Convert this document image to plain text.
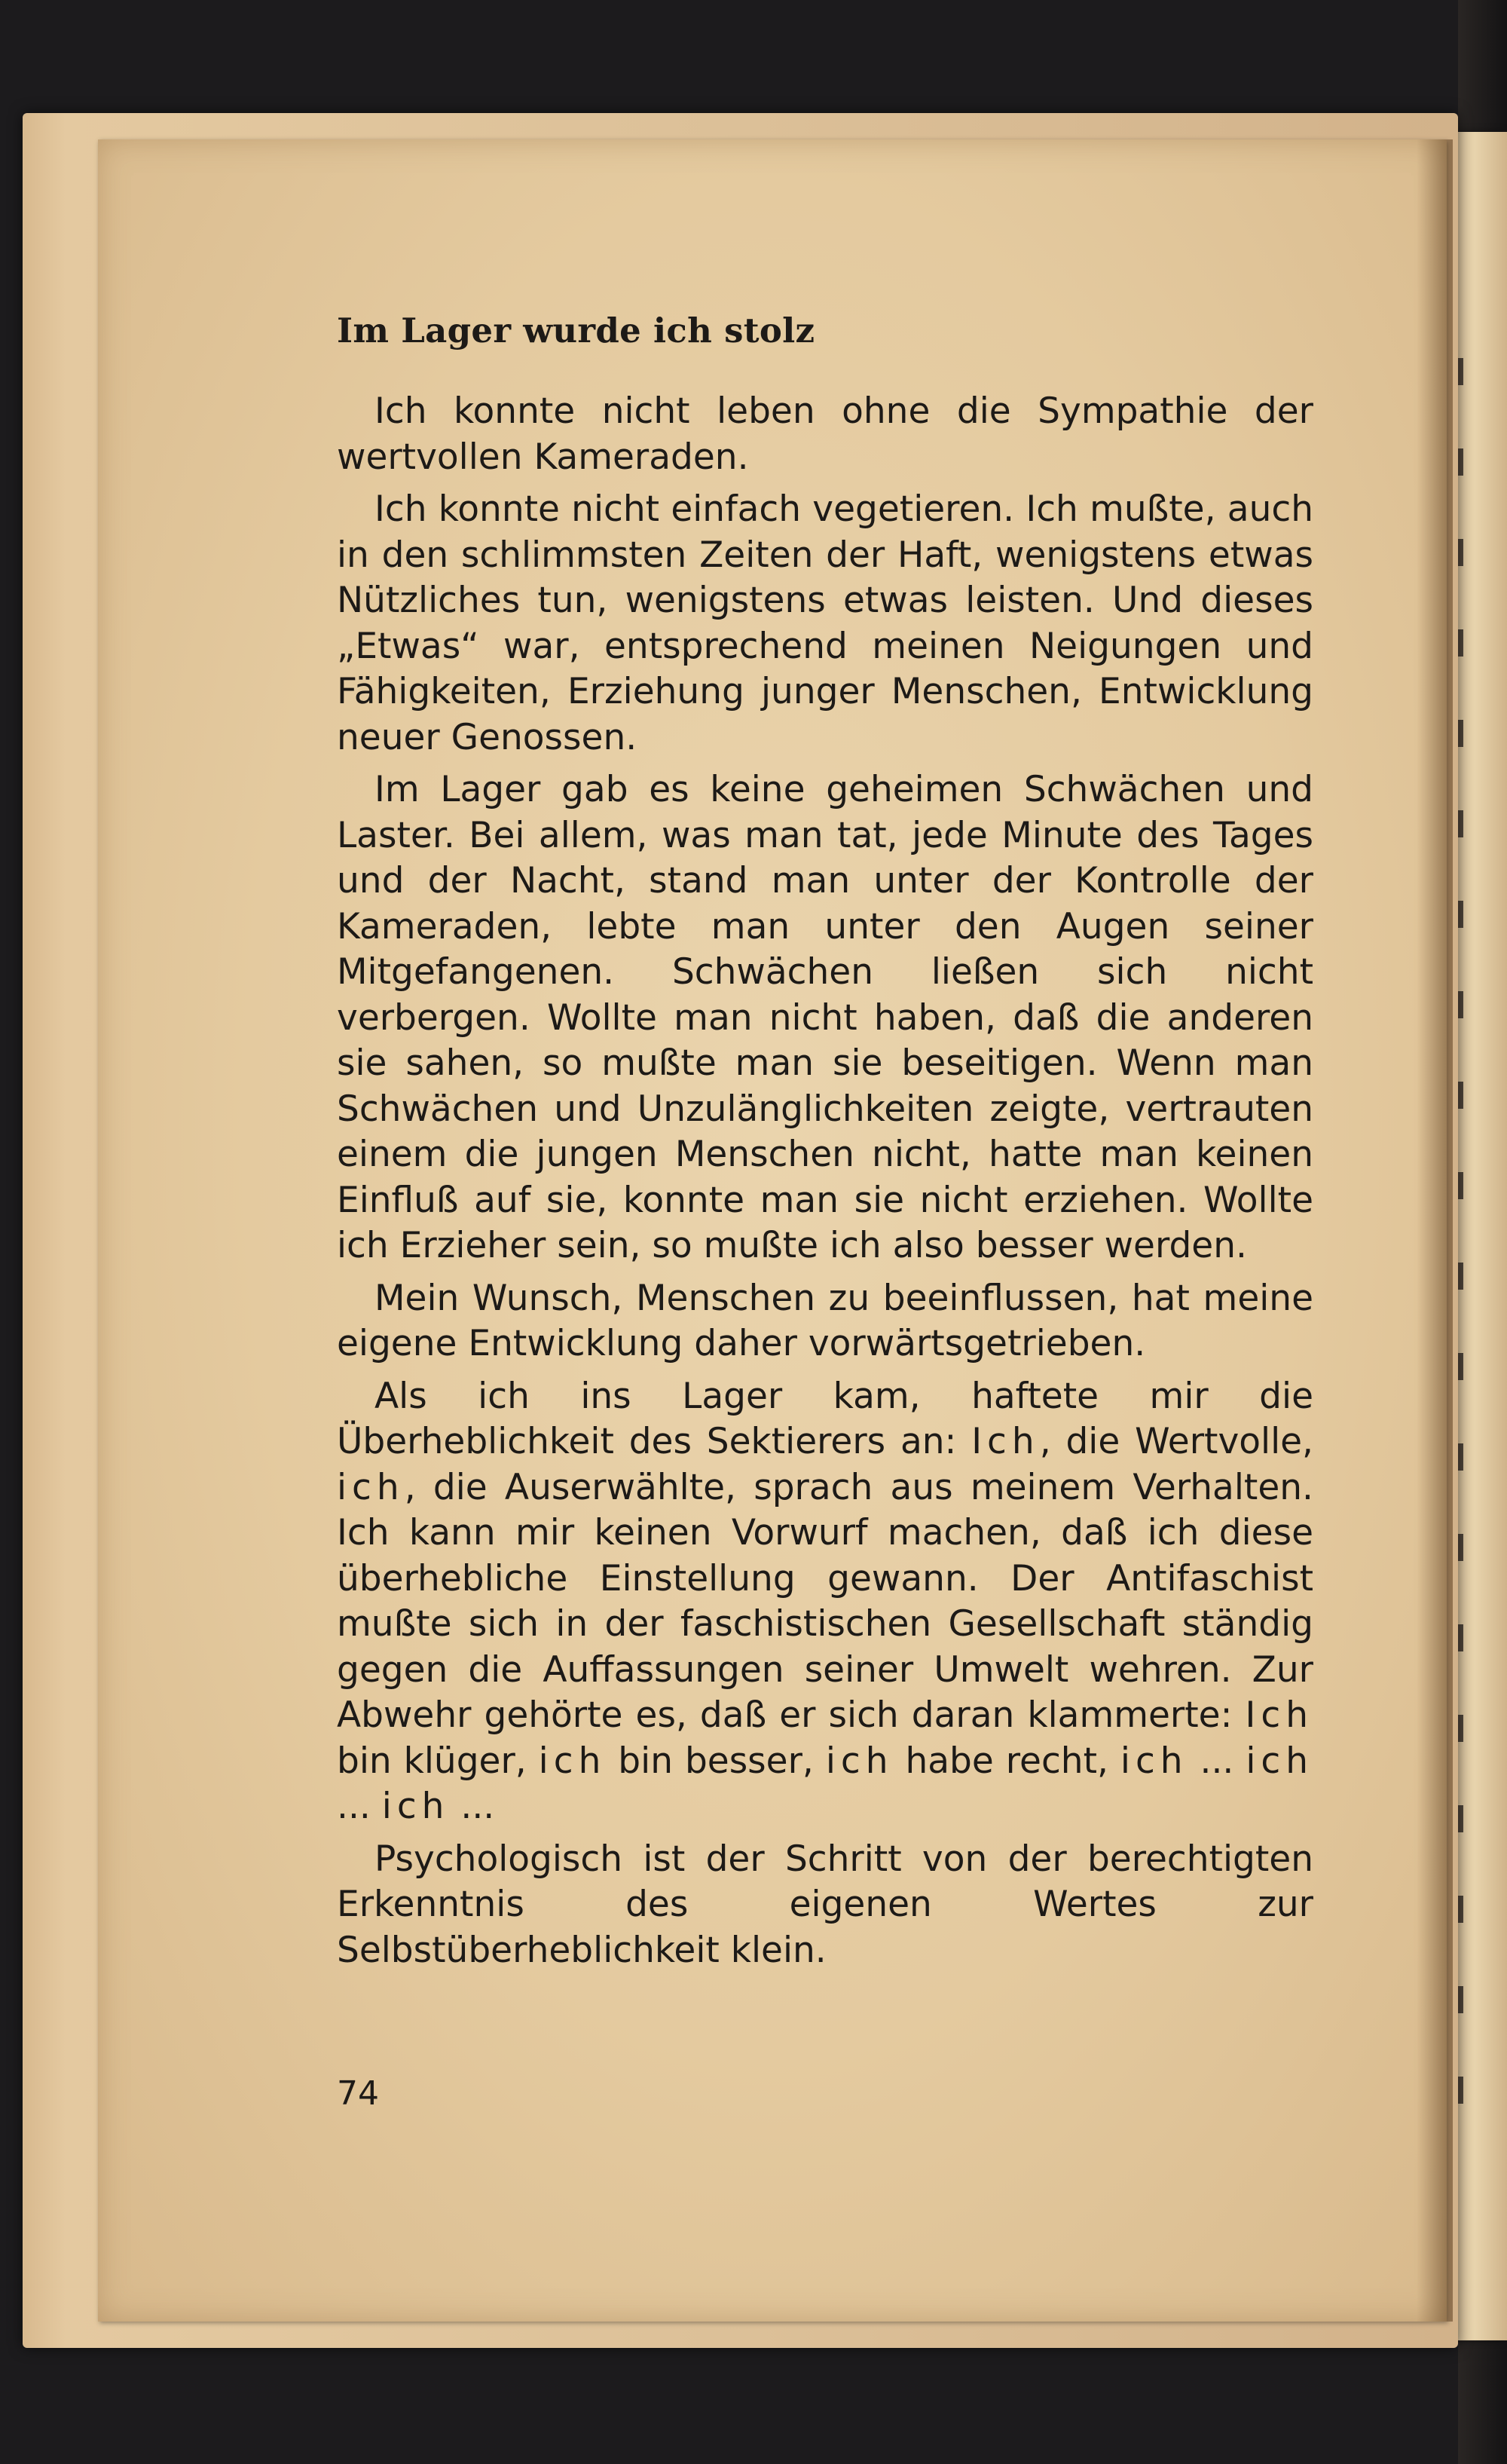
Im Lager wurde ich stolz

Ich konnte nicht leben ohne die Sympathie der wertvollen Kameraden.

Ich konnte nicht einfach vegetieren. Ich mußte, auch in den schlimmsten Zeiten der Haft, wenigstens etwas Nützliches tun, wenigstens etwas leisten. Und dieses „Etwas“ war, entsprechend meinen Neigungen und Fähigkeiten, Erziehung junger Menschen, Entwicklung neuer Genossen.

Im Lager gab es keine geheimen Schwächen und Laster. Bei allem, was man tat, jede Minute des Tages und der Nacht, stand man unter der Kontrolle der Kameraden, lebte man unter den Augen seiner Mitgefangenen. Schwächen ließen sich nicht verbergen. Wollte man nicht haben, daß die anderen sie sahen, so mußte man sie beseitigen. Wenn man Schwächen und Unzulänglichkeiten zeigte, vertrauten einem die jungen Menschen nicht, hatte man keinen Einfluß auf sie, konnte man sie nicht erziehen. Wollte ich Erzieher sein, so mußte ich also besser werden.

Mein Wunsch, Menschen zu beeinflussen, hat meine eigene Entwicklung daher vorwärtsgetrieben.

Als ich ins Lager kam, haftete mir die Überheblichkeit des Sektierers an: Ich, die Wertvolle, ich, die Auserwählte, sprach aus meinem Verhalten. Ich kann mir keinen Vorwurf machen, daß ich diese überhebliche Einstellung gewann. Der Antifaschist mußte sich in der faschistischen Gesellschaft ständig gegen die Auffassungen seiner Umwelt wehren. Zur Abwehr gehörte es, daß er sich daran klammerte: Ich bin klüger, ich bin besser, ich habe recht, ich ... ich ... ich ...

Psychologisch ist der Schritt von der berechtigten Erkenntnis des eigenen Wertes zur Selbstüberheblichkeit klein.

74
